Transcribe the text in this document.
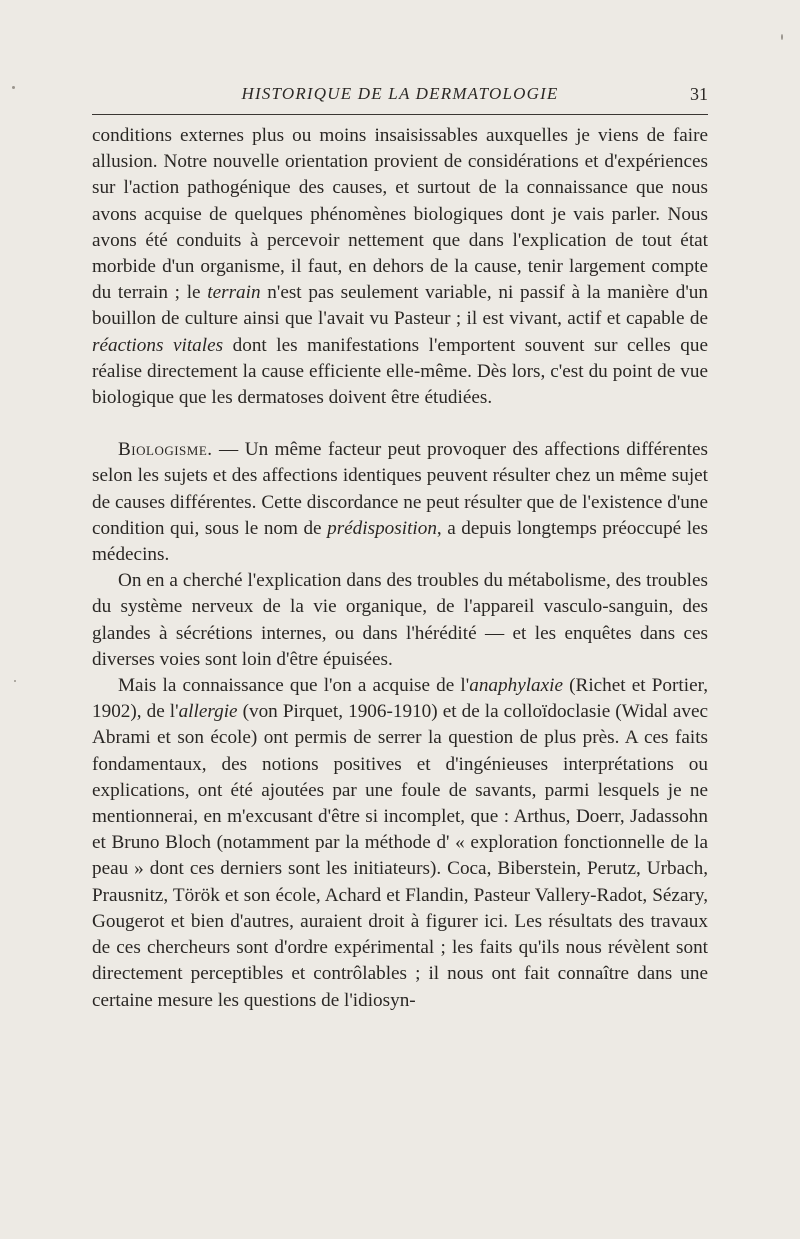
HISTORIQUE DE LA DERMATOLOGIE	31

conditions externes plus ou moins insaisissables auxquelles je viens de faire allusion. Notre nouvelle orientation provient de considérations et d'expériences sur l'action pathogénique des causes, et surtout de la connaissance que nous avons acquise de quelques phénomènes biologiques dont je vais parler. Nous avons été conduits à percevoir nettement que dans l'explication de tout état morbide d'un organisme, il faut, en dehors de la cause, tenir largement compte du terrain ; le terrain n'est pas seulement variable, ni passif à la manière d'un bouillon de culture ainsi que l'avait vu Pasteur ; il est vivant, actif et capable de réactions vitales dont les manifestations l'emportent souvent sur celles que réalise directement la cause efficiente elle-même. Dès lors, c'est du point de vue biologique que les dermatoses doivent être étudiées.

Biologisme. — Un même facteur peut provoquer des affections différentes selon les sujets et des affections identiques peuvent résulter chez un même sujet de causes différentes. Cette discordance ne peut résulter que de l'existence d'une condition qui, sous le nom de prédisposition, a depuis longtemps préoccupé les médecins.

On en a cherché l'explication dans des troubles du métabolisme, des troubles du système nerveux de la vie organique, de l'appareil vasculo-sanguin, des glandes à sécrétions internes, ou dans l'hérédité — et les enquêtes dans ces diverses voies sont loin d'être épuisées.

Mais la connaissance que l'on a acquise de l'anaphylaxie (Richet et Portier, 1902), de l'allergie (von Pirquet, 1906-1910) et de la colloïdoclasie (Widal avec Abrami et son école) ont permis de serrer la question de plus près. A ces faits fondamentaux, des notions positives et d'ingénieuses interprétations ou explications, ont été ajoutées par une foule de savants, parmi lesquels je ne mentionnerai, en m'excusant d'être si incomplet, que : Arthus, Doerr, Jadassohn et Bruno Bloch (notamment par la méthode d' « exploration fonctionnelle de la peau » dont ces derniers sont les initiateurs). Coca, Biberstein, Perutz, Urbach, Prausnitz, Török et son école, Achard et Flandin, Pasteur Vallery-Radot, Sézary, Gougerot et bien d'autres, auraient droit à figurer ici. Les résultats des travaux de ces chercheurs sont d'ordre expérimental ; les faits qu'ils nous révèlent sont directement perceptibles et contrôlables ; il nous ont fait connaître dans une certaine mesure les questions de l'idiosyn-
